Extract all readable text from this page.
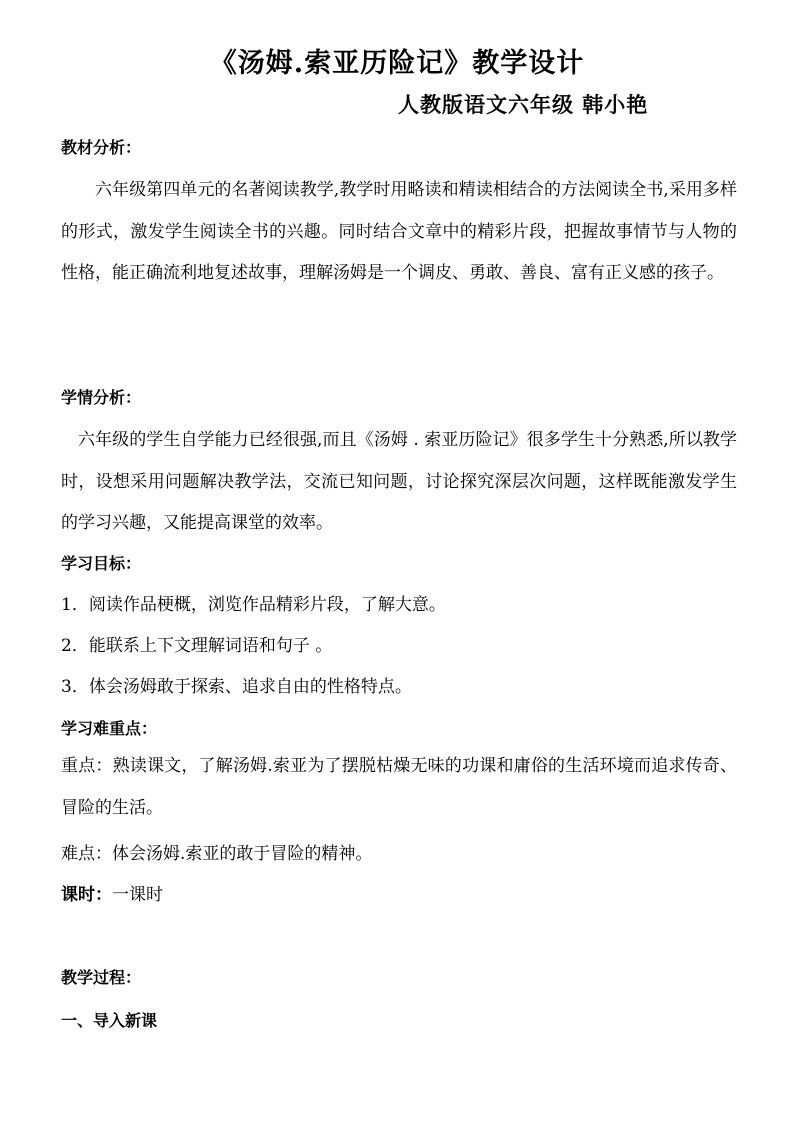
《汤姆.索亚历险记》教学设计
人教版语文六年级 韩小艳
教材分析：
六年级第四单元的名著阅读教学,教学时用略读和精读相结合的方法阅读全书,采用多样的形式，激发学生阅读全书的兴趣。同时结合文章中的精彩片段，把握故事情节与人物的性格，能正确流利地复述故事，理解汤姆是一个调皮、勇敢、善良、富有正义感的孩子。
学情分析：
六年级的学生自学能力已经很强,而且《汤姆 . 索亚历险记》很多学生十分熟悉,所以教学时，设想采用问题解决教学法，交流已知问题，讨论探究深层次问题，这样既能激发学生的学习兴趣，又能提高课堂的效率。
学习目标：
1．阅读作品梗概，浏览作品精彩片段，了解大意。
2．能联系上下文理解词语和句子 。
3．体会汤姆敢于探索、追求自由的性格特点。
学习难重点：
重点：熟读课文，了解汤姆.索亚为了摆脱枯燥无味的功课和庸俗的生活环境而追求传奇、冒险的生活。
难点：体会汤姆.索亚的敢于冒险的精神。
课时：一课时
教学过程：
一、导入新课
